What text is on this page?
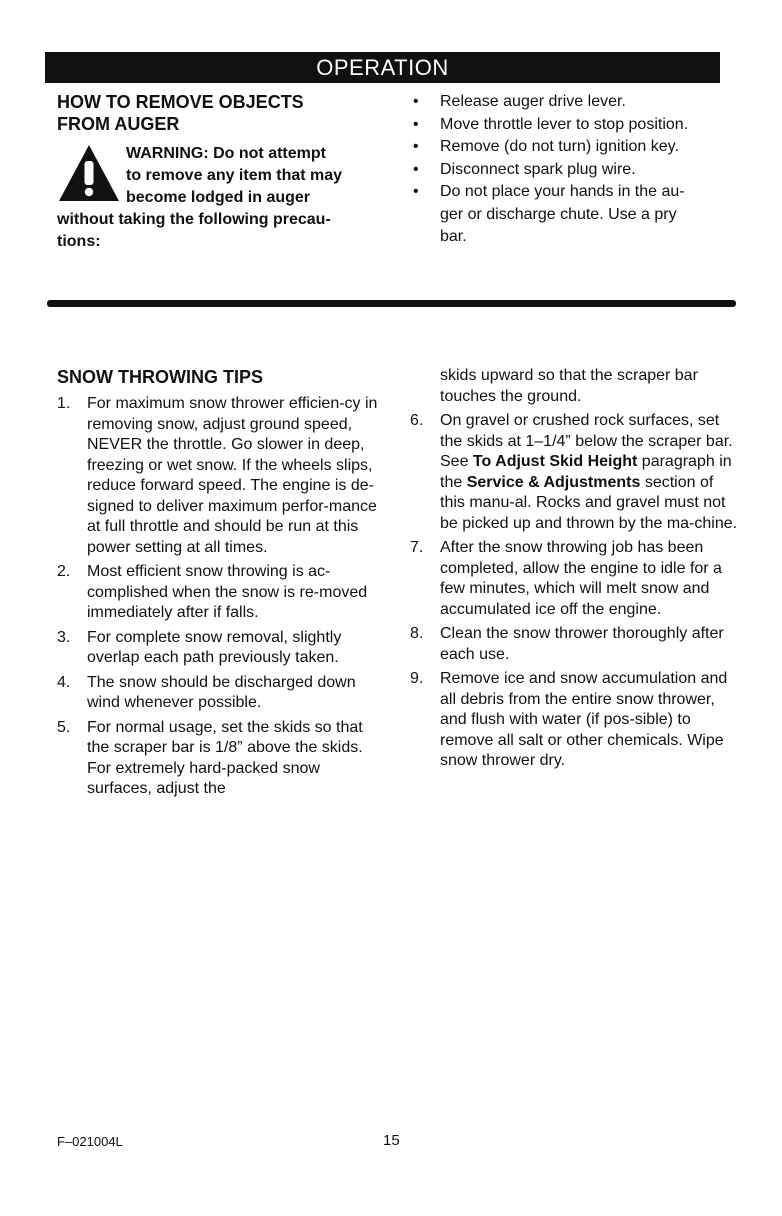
OPERATION

HOW TO REMOVE OBJECTS
FROM AUGER

WARNING: Do not attempt
to remove any item that may
become lodged in auger
without taking the following precau-
tions:

• Release auger drive lever.
• Move throttle lever to stop position.
• Remove (do not turn) ignition key.
• Disconnect spark plug wire.
• Do not place your hands in the au-
ger or discharge chute. Use a pry
bar.

SNOW THROWING TIPS

1. For maximum snow thrower efficien-cy in removing snow, adjust ground speed, NEVER the throttle. Go slower in deep, freezing or wet snow. If the wheels slips, reduce forward speed. The engine is de-signed to deliver maximum perfor-mance at full throttle and should be run at this power setting at all times.
2. Most efficient snow throwing is ac-complished when the snow is re-moved immediately after if falls.
3. For complete snow removal, slightly overlap each path previously taken.
4. The snow should be discharged down wind whenever possible.
5. For normal usage, set the skids so that the scraper bar is 1/8” above the skids. For extremely hard-packed snow surfaces, adjust the

skids upward so that the scraper bar touches the ground.

6. On gravel or crushed rock surfaces, set the skids at 1–1/4” below the scraper bar. See To Adjust Skid Height paragraph in the Service & Adjustments section of this manu-al. Rocks and gravel must not be picked up and thrown by the ma-chine.
7. After the snow throwing job has been completed, allow the engine to idle for a few minutes, which will melt snow and accumulated ice off the engine.
8. Clean the snow thrower thoroughly after each use.
9. Remove ice and snow accumulation and all debris from the entire snow thrower, and flush with water (if pos-sible) to remove all salt or other chemicals. Wipe snow thrower dry.
F–021004L	15
